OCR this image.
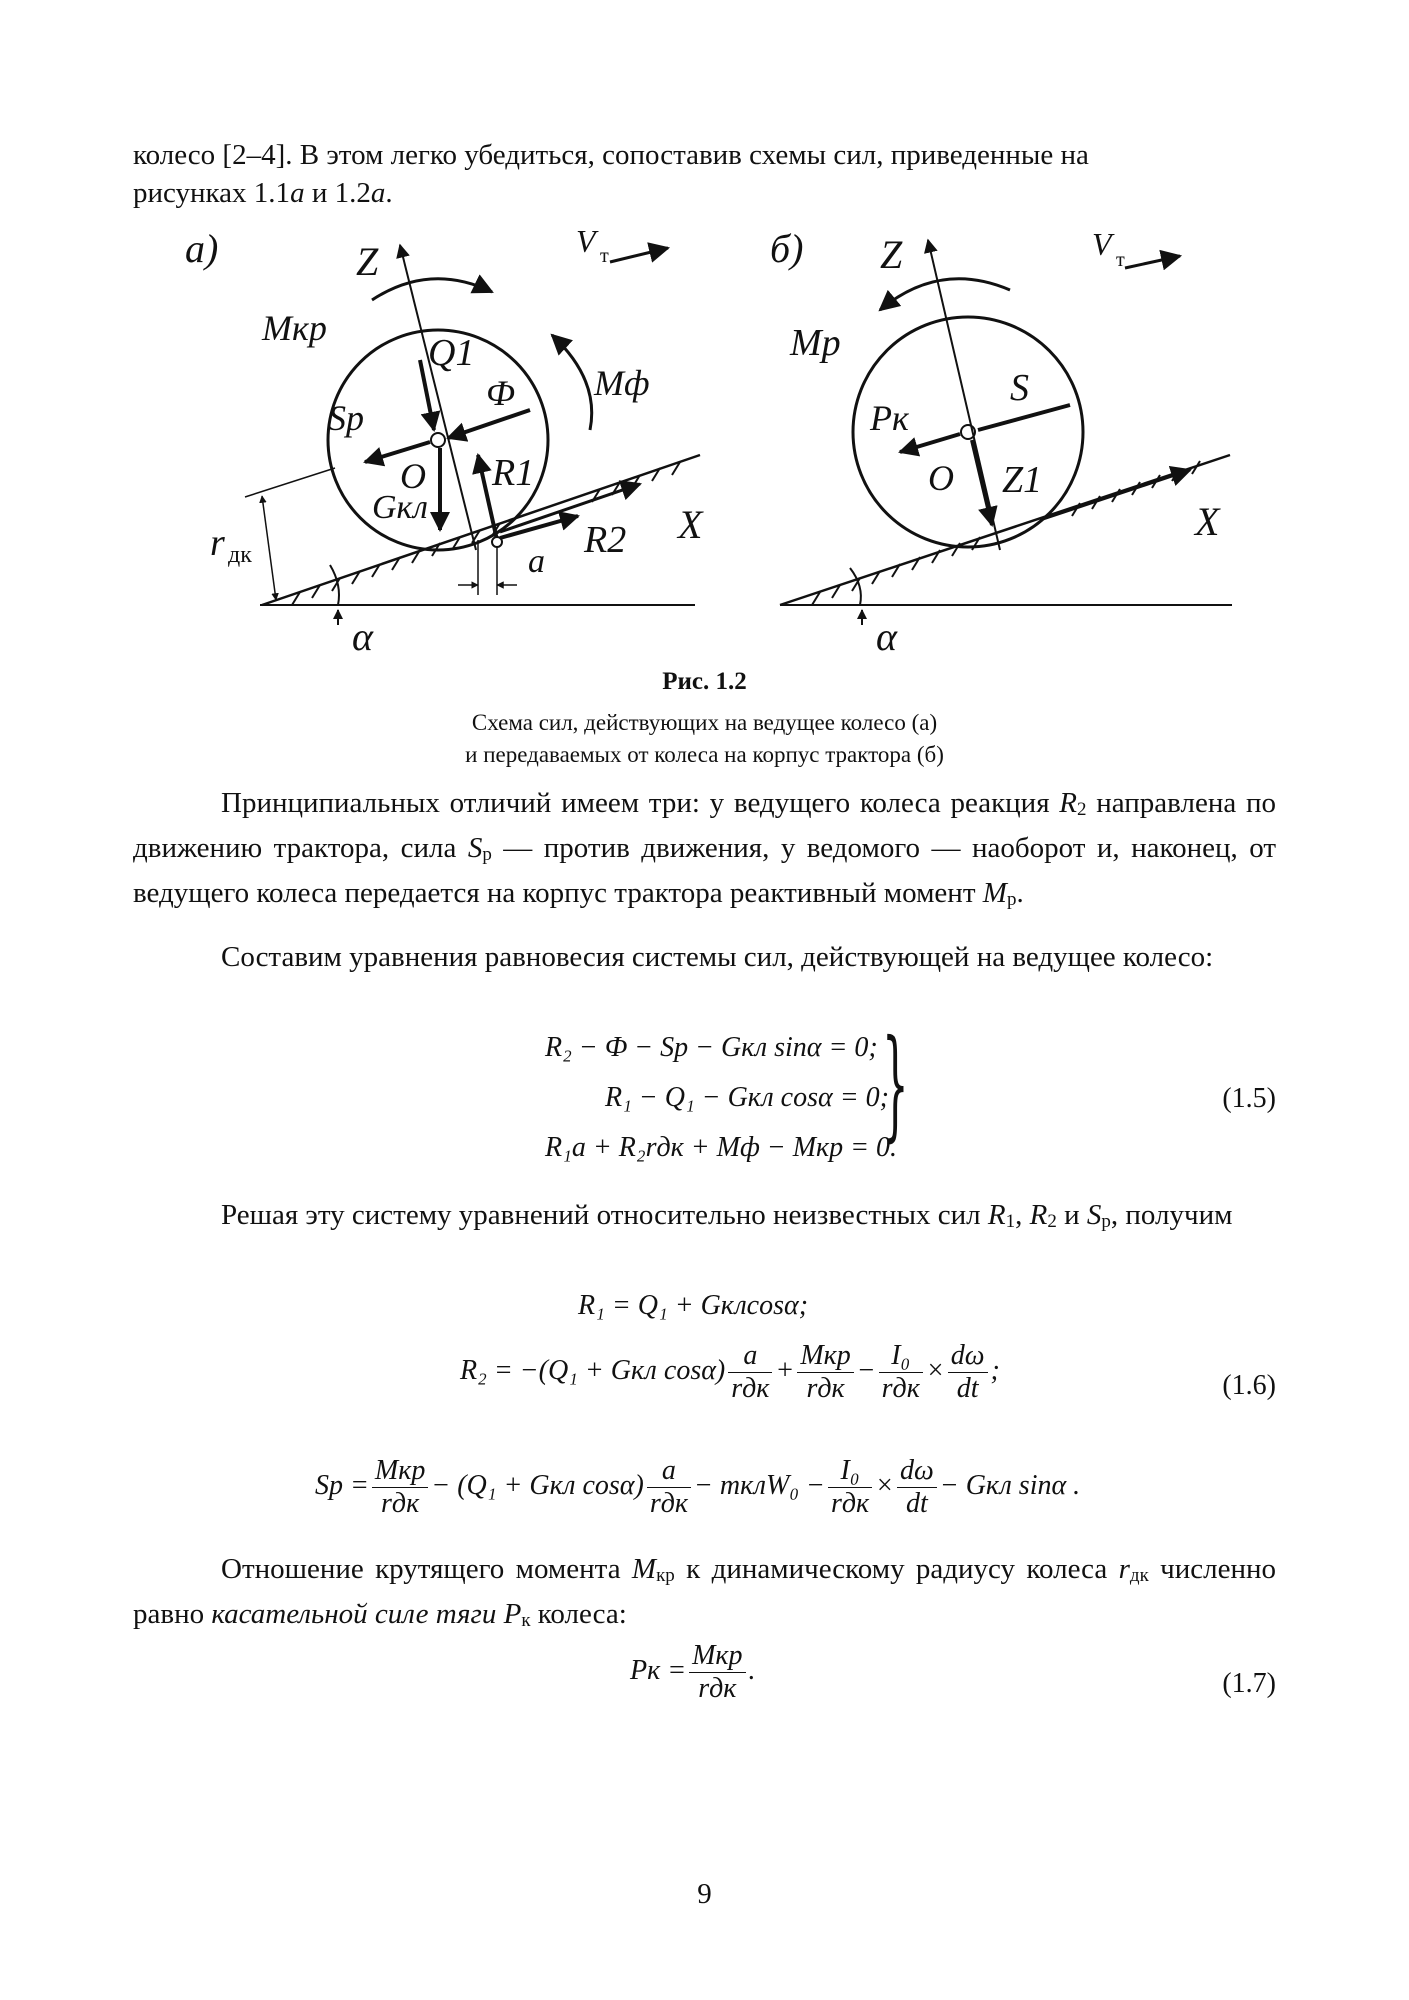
колесо [2–4]. В этом легко убедиться, сопоставив схемы сил, приведенные на
рисунках 1.1а и 1.2а.

а)	Z
X
V т
Mкр
Mф
O
Q1
Ф
Sp
Gкл
R1
R2
a
r дк
α
б) Z
X
V т
Mp
O
S
Pк
Z1
α
Рис. 1.2
Схема сил, действующих на ведущее колесо (а)
и передаваемых от колеса на корпус трактора (б)

Принципиальных отличий имеем три: у ведущего колеса реакция $R_2$ направлена по движению трактора, сила $S_р$ — против движения, у ведомого — наоборот и, наконец, от ведущего колеса передается на корпус трактора реактивный момент $M_р$.

Составим уравнения равновесия системы сил, действующей на ведущее колесо:

R₂ − Ф − Sр − Gкл sinα = 0;
R₁ − Q₁ − Gкл cosα = 0;
R₁a + R₂rдк + Mф − Mкр = 0.
}	(1.5)

Решая эту систему уравнений относительно неизвестных сил $R_1$, $R_2$ и $S_р$, получим

R₁ = Q₁ + Gклcosα;
R₂ = −(Q₁ + Gкл $\cos\alpha) \frac{a}{\text{rдк}} + \frac{\text{Mкр}}{\text{rдк}} - \frac{\text{I₀}}{\text{rдк}} \times \frac{d\omega}{dt}$ ;	(1.6)
Sр = $\frac{\text{Mкр}}{\text{rдк}} - (Q_1$ + Gкл $\cos\alpha) \frac{a}{\text{rдк}}$ − mклW₀ − $\frac{\text{I₀}}{\text{rдк}} \times \frac{d\omega}{dt}$ − Gкл sinα .

Отношение крутящего момента $M_{кр}$ к динамическому радиусу колеса $r_{дк}$ численно равно касательной силе тяги $P_к$ колеса:

Pк = $\frac{\text{Mкр}}{\text{rдк}}$ .	(1.7)
9
